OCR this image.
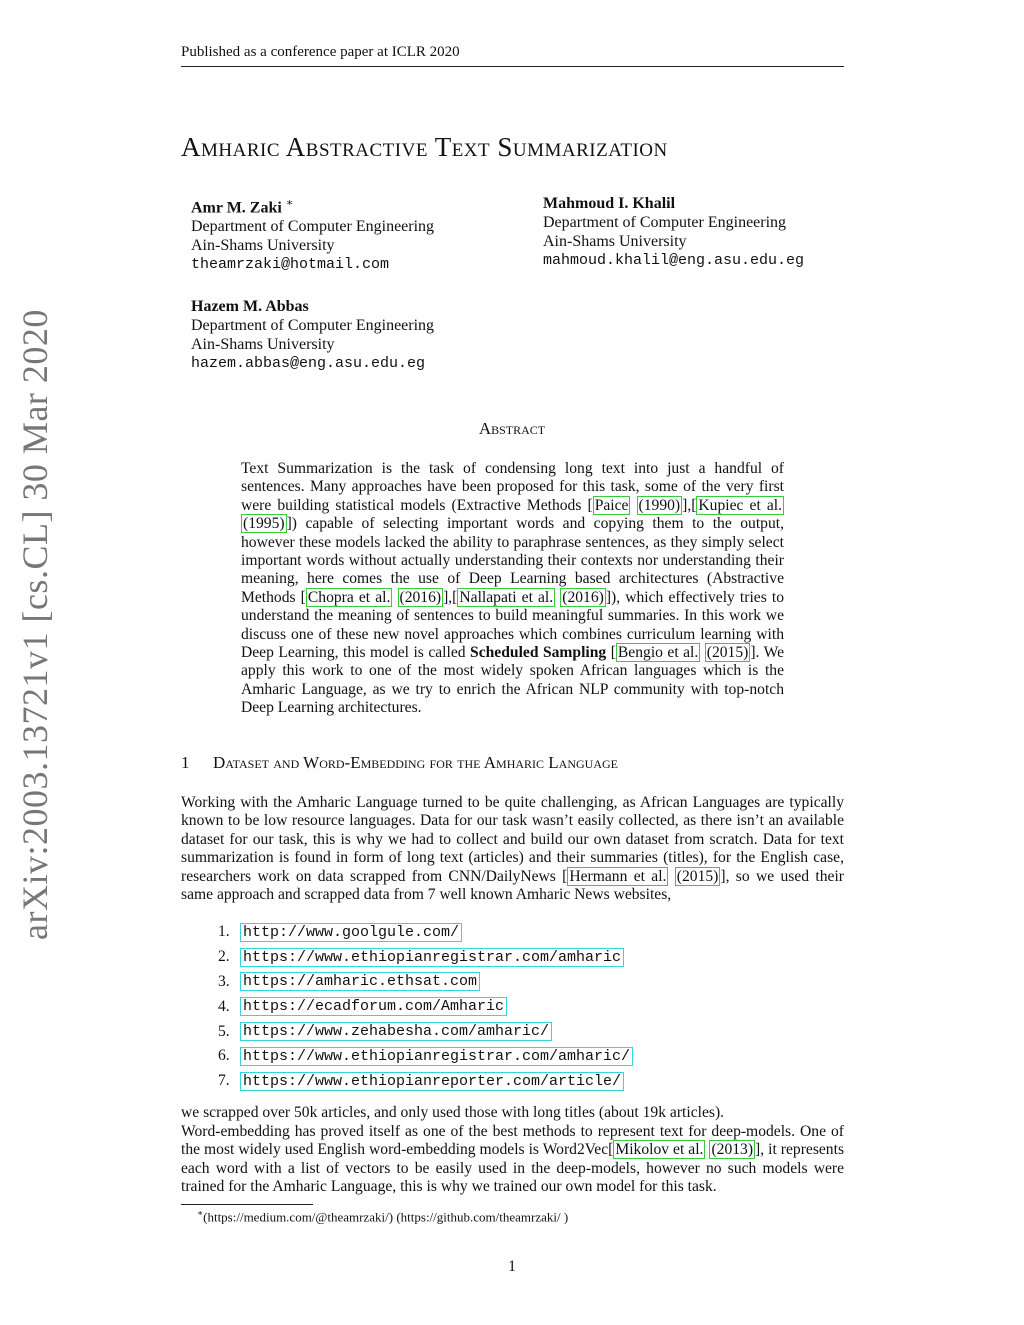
Published as a conference paper at ICLR 2020
Amharic Abstractive Text Summarization
Amr M. Zaki ∗
Department of Computer Engineering
Ain-Shams University
theamrzaki@hotmail.com
Mahmoud I. Khalil
Department of Computer Engineering
Ain-Shams University
mahmoud.khalil@eng.asu.edu.eg
Hazem M. Abbas
Department of Computer Engineering
Ain-Shams University
hazem.abbas@eng.asu.edu.eg
arXiv:2003.13721v1 [cs.CL] 30 Mar 2020	Abstract
Text Summarization is the task of condensing long text into just a handful of sentences. Many approaches have been proposed for this task, some of the very first were building statistical models (Extractive Methods [ Paice (1990) ],[ Kupiec et al. (1995) ]) capable of selecting important words and copying them to the output, however these models lacked the ability to paraphrase sentences, as they simply select important words without actually understanding their contexts nor understanding their meaning, here comes the use of Deep Learning based architectures (Abstractive Methods [ Chopra et al. (2016) ],[ Nallapati et al. (2016) ]), which effectively tries to understand the meaning of sentences to build meaningful summaries. In this work we discuss one of these new novel approaches which combines curriculum learning with Deep Learning, this model is called Scheduled Sampling [ Bengio et al. (2015) ]. We apply this work to one of the most widely spoken African languages which is the Amharic Language, as we try to enrich the African NLP community with top-notch Deep Learning architectures.
1 Dataset and Word-Embedding for the Amharic Language
Working with the Amharic Language turned to be quite challenging, as African Languages are typically known to be low resource languages. Data for our task wasn’t easily collected, as there isn’t an available dataset for our task, this is why we had to collect and build our own dataset from scratch. Data for text summarization is found in form of long text (articles) and their summaries (titles), for the English case, researchers work on data scrapped from CNN/DailyNews [ Hermann et al. (2015) ], so we used their same approach and scrapped data from 7 well known Amharic News websites,
1. http://www.goolgule.com/
2. https://www.ethiopianregistrar.com/amharic
3. https://amharic.ethsat.com
4. https://ecadforum.com/Amharic
5. https://www.zehabesha.com/amharic/
6. https://www.ethiopianregistrar.com/amharic/
7. https://www.ethiopianreporter.com/article/
we scrapped over 50k articles, and only used those with long titles (about 19k articles).
Word-embedding has proved itself as one of the best methods to represent text for deep-models. One of the most widely used English word-embedding models is Word2Vec[ Mikolov et al. (2013) ], it represents each word with a list of vectors to be easily used in the deep-models, however no such models were trained for the Amharic Language, this is why we trained our own model for this task.
∗(https://medium.com/@theamrzaki/) (https://github.com/theamrzaki/ )
1
